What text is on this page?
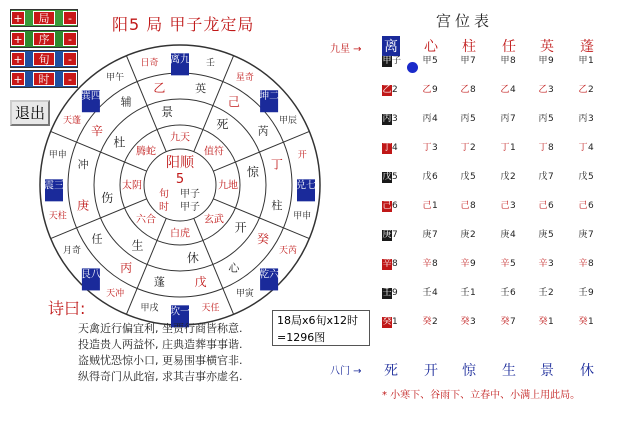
+	局	-
+	序	-
+	旬	-
+	时	-
退出
阳5 局 甲子龙定局
九天
景
英
乙
壬
日奇 离九
值符
死	芮
己
甲辰
星奇
坤二
九地
惊
柱
丁
甲申
开
兑七
玄武
开
心
癸
甲寅
天芮
乾六
白虎
休
蓬 戊
甲戌	天任
坎一
六合
生
任
丙
月奇
天冲
艮八
太阴
伤
冲
庚
甲申
天柱
震三
腾蛇
杜
辅
辛
甲午
天蓬
巽四
阳顺
5
旬 甲子
时 甲子
诗曰:
天禽近行偏宜利, 坐贾行商皆称意.
投造贵人两益怀, 庄典造葬事事谐.
盗贼忧恐惊小口, 更易围事横官非.
纵得奇门从此宿, 求其吉事亦虚名.
18局x6旬x12时
=1296图
宫位表
九星 →
八门 →
离	心	柱	任	英	蓬
甲子	甲5	甲7	甲8	甲9	甲1
乙2	乙9	乙8	乙4	乙3	乙2
丙3	丙4	丙5	丙7	丙5	丙3
丁4	丁3	丁2	丁1	丁8	丁4
戊5	戊6	戊5	戊2	戊7	戊5
己6	己1	己8	己3	己6	己6
庚7	庚7	庚2	庚4	庚5	庚7
辛8	辛8	辛9	辛5	辛3	辛8
壬9	壬4	壬1	壬6	壬2	壬9
癸1	癸2	癸3	癸7	癸1	癸1
死	开	惊	生	景	休
* 小寒下、谷雨下、立春中、小满上用此局。
